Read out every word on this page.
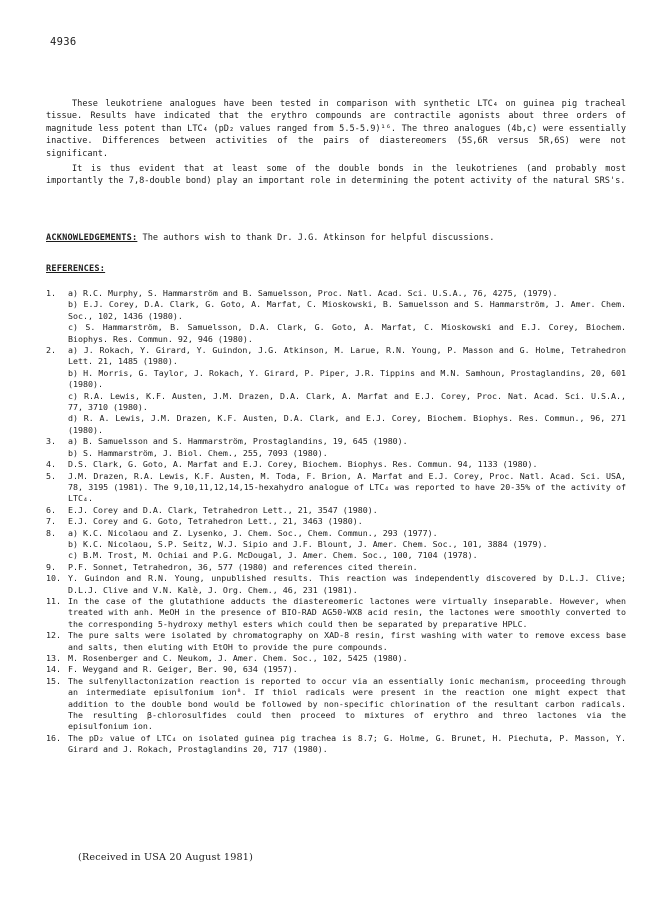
4936

These leukotriene analogues have been tested in comparison with synthetic LTC₄ on guinea pig tracheal tissue. Results have indicated that the erythro compounds are contractile agonists about three orders of magnitude less potent than LTC₄ (pD₂ values ranged from 5.5-5.9)¹⁶. The threo analogues (4b,c) were essentially inactive. Differences between activities of the pairs of diastereomers (5S,6R versus 5R,6S) were not significant.

It is thus evident that at least some of the double bonds in the leukotrienes (and probably most importantly the 7,8-double bond) play an important role in determining the potent activity of the natural SRS's.

ACKNOWLEDGEMENTS: The authors wish to thank Dr. J.G. Atkinson for helpful discussions.
REFERENCES:
1.	a) R.C. Murphy, S. Hammarström and B. Samuelsson, Proc. Natl. Acad. Sci. U.S.A., 76, 4275, (1979).
b) E.J. Corey, D.A. Clark, G. Goto, A. Marfat, C. Mioskowski, B. Samuelsson and S. Hammarström, J. Amer. Chem. Soc., 102, 1436 (1980).
c) S. Hammarström, B. Samuelsson, D.A. Clark, G. Goto, A. Marfat, C. Mioskowski and E.J. Corey, Biochem. Biophys. Res. Commun. 92, 946 (1980).
2.	a) J. Rokach, Y. Girard, Y. Guindon, J.G. Atkinson, M. Larue, R.N. Young, P. Masson and G. Holme, Tetrahedron Lett. 21, 1485 (1980).
b) H. Morris, G. Taylor, J. Rokach, Y. Girard, P. Piper, J.R. Tippins and M.N. Samhoun, Prostaglandins, 20, 601 (1980).
c) R.A. Lewis, K.F. Austen, J.M. Drazen, D.A. Clark, A. Marfat and E.J. Corey, Proc. Nat. Acad. Sci. U.S.A., 77, 3710 (1980).
d) R. A. Lewis, J.M. Drazen, K.F. Austen, D.A. Clark, and E.J. Corey, Biochem. Biophys. Res. Commun., 96, 271 (1980).
3.	a) B. Samuelsson and S. Hammarström, Prostaglandins, 19, 645 (1980).
b) S. Hammarström, J. Biol. Chem., 255, 7093 (1980).
4.	D.S. Clark, G. Goto, A. Marfat and E.J. Corey, Biochem. Biophys. Res. Commun. 94, 1133 (1980).
5.	J.M. Drazen, R.A. Lewis, K.F. Austen, M. Toda, F. Brion, A. Marfat and E.J. Corey, Proc. Natl. Acad. Sci. USA, 78, 3195 (1981). The 9,10,11,12,14,15-hexahydro analogue of LTC₄ was reported to have 20-35% of the activity of LTC₄.
6.	E.J. Corey and D.A. Clark, Tetrahedron Lett., 21, 3547 (1980).
7.	E.J. Corey and G. Goto, Tetrahedron Lett., 21, 3463 (1980).
8.	a) K.C. Nicolaou and Z. Lysenko, J. Chem. Soc., Chem. Commun., 293 (1977).
b) K.C. Nicolaou, S.P. Seitz, W.J. Sipio and J.F. Blount, J. Amer. Chem. Soc., 101, 3884 (1979).
c) B.M. Trost, M. Ochiai and P.G. McDougal, J. Amer. Chem. Soc., 100, 7104 (1978).
9.	P.F. Sonnet, Tetrahedron, 36, 577 (1980) and references cited therein.
10. Y. Guindon and R.N. Young, unpublished results. This reaction was independently discovered by D.L.J. Clive; D.L.J. Clive and V.N. Kalè, J. Org. Chem., 46, 231 (1981).
11. In the case of the glutathione adducts the diastereomeric lactones were virtually inseparable. However, when treated with anh. MeOH in the presence of BIO-RAD AG50-WX8 acid resin, the lactones were smoothly converted to the corresponding 5-hydroxy methyl esters which could then be separated by preparative HPLC.
12. The pure salts were isolated by chromatography on XAD-8 resin, first washing with water to remove excess base and salts, then eluting with EtOH to provide the pure compounds.
13. M. Rosenberger and C. Neukom, J. Amer. Chem. Soc., 102, 5425 (1980).
14. F. Weygand and R. Geiger, Ber. 90, 634 (1957).
15. The sulfenyllactonization reaction is reported to occur via an essentially ionic mechanism, proceeding through an intermediate episulfonium ion⁸. If thiol radicals were present in the reaction one might expect that addition to the double bond would be followed by non-specific chlorination of the resultant carbon radicals. The resulting β-chlorosulfides could then proceed to mixtures of erythro and threo lactones via the episulfonium ion.
16. The pD₂ value of LTC₄ on isolated guinea pig trachea is 8.7; G. Holme, G. Brunet, H. Piechuta, P. Masson, Y. Girard and J. Rokach, Prostaglandins 20, 717 (1980).
(Received in USA 20 August 1981)
